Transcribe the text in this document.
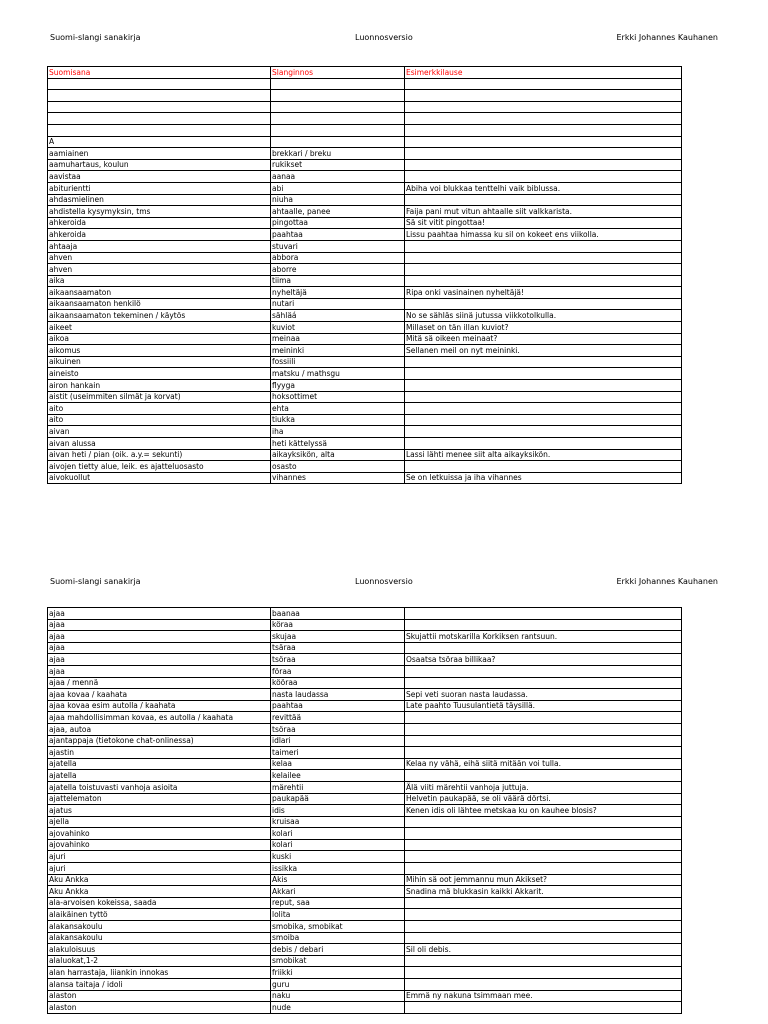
Suomi-slangi sanakirja	Luonnosversio	Erkki Johannes Kauhanen
Suomisana	Slanginnos	Esimerkkilause

A		
aamiainen	brekkari / breku	
aamuhartaus, koulun	rukikset	
aavistaa	aanaa	
abiturientti	abi	Abiha voi blukkaa tenttelhi vaik biblussa.
ahdasmielinen	niuha	
ahdistella kysymyksin, tms	ahtaalle, panee	Faija pani mut vitun ahtaalle siit valkkarista.
ahkeroida	pingottaa	Sä sit vitit pingottaa!
ahkeroida	paahtaa	Lissu paahtaa himassa ku sil on kokeet ens viikolla.
ahtaaja	stuvari	
ahven	abbora	
ahven	aborre	
aika	tiima	
aikaansaamaton	nyheltäjä	Ripa onki vasinainen nyheltäjä!
aikaansaamaton henkilö	nutari	
aikaansaamaton tekeminen / käytös	sähläá	No se sähläs siinä jutussa viikkotolkulla.
aikeet	kuviot	Millaset on tän illan kuviot?
aikoa	meinaa	Mitä sä oikeen meinaat?
aikomus	meininki	Sellanen meil on nyt meininki.
aikuinen	fossiili	
aineisto	matsku / mathsgu	
airon hankain	flyyga	
aistit (useimmiten silmät ja korvat)	hoksottimet	
aito	ehta	
aito	tiukka	
aivan	iha	
aivan alussa	heti kättelyssä	
aivan heti / pian (oik. a.y.= sekunti)	aikayksikön, alta	Lassi lähti menee siit alta aikayksikön.
aivojen tietty alue, leik. es ajatteluosasto	osasto	
aivokuollut	vihannes	Se on letkuissa ja iha vihannes
Suomi-slangi sanakirja	Luonnosversio	Erkki Johannes Kauhanen
ajaa	baanaa	
ajaa	köraa	
ajaa	skujaa	Skujattii motskarilla Korkiksen rantsuun.
ajaa	tsäraa	
ajaa	tsöraa	Osaatsa tsöraa billikaa?
ajaa	föraa	
ajaa / mennä	kööraa	
ajaa kovaa / kaahata	nasta laudassa	Sepi veti suoran nasta laudassa.
ajaa kovaa esim autolla / kaahata	paahtaa	Late paahto Tuusulantietä täysillä.
ajaa mahdollisimman kovaa, es autolla / kaahata	revittää	
ajaa, autoa	tsöraa	
ajantappaja (tietokone chat-onlinessa)	idlari	
ajastin	taimeri	
ajatella	kelaa	Kelaa ny vähä, eihä siitä mitään voi tulla.
ajatella	kelailee	
ajatella toistuvasti vanhoja asioita	märehtii	Älä viiti märehtii vanhoja juttuja.
ajattelematon	paukapää	Helvetin paukapää, se oli väärä dörtsi.
ajatus	idis	Kenen idis oli lähtee metskaa ku on kauhee blosis?
ajella	kruisaa	
ajovahinko	kolari	
ajovahinko	kolari	
ajuri	kuski	
ajuri	issikka	
Aku Ankka	Akis	Mihin sä oot jemmannu mun Akikset?
Aku Ankka	Akkari	Snadina mä blukkasin kaikki Akkarit.
ala-arvoisen kokeissa, saada	reput, saa	
alaikäinen tyttö	lolita	
alakansakoulu	smobika, smobikat	
alakansakoulu	smoiba	
alakuloisuus	debis / debari	Sil oli debis.
alaluokat,1-2	smobikat	
alan harrastaja, liiankin innokas	friikki	
alansa taitaja / idoli	guru	
alaston	naku	Emmä ny nakuna tsimmaan mee.
alaston	nude	
